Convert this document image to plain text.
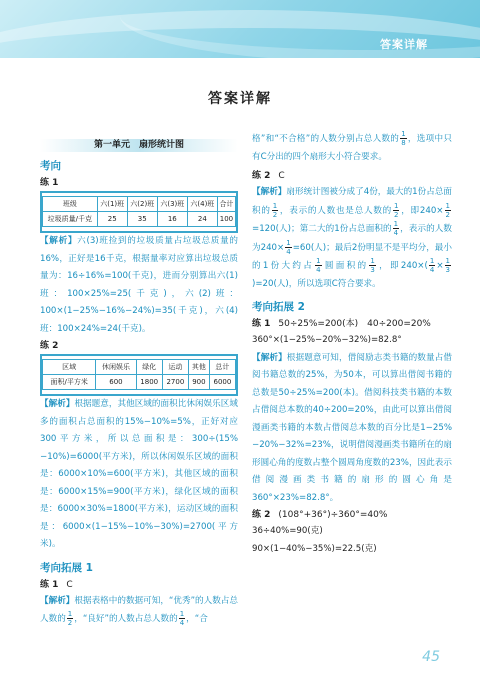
答案详解
答案详解
第一单元　扇形统计图
考向
练 1
班级	六(1)班	六(2)班	六(3)班	六(4)班	合计
垃圾质量/千克	25	35	16	24	100
【解析】六(3)班捡到的垃圾质量占垃圾总质量的16%，正好是16千克，根据量率对应算出垃圾总质量为：16÷16%=100(千克)，进而分别算出六(1)班：100×25%=25(千克)，六(2)班：100×(1−25%−16%−24%)=35(千克)，六(4)班：100×24%=24(千克)。
练 2
区域	休闲娱乐	绿化	运动	其他	总计
面积/平方米	600	1800	2700	900	6000
【解析】根据题意，其他区域的面积比休闲娱乐区域多的面积占总面积的15%−10%=5%，正好对应300平方米，所以总面积是：300÷(15%−10%)=6000(平方米)，所以休闲娱乐区域的面积是：6000×10%=600(平方米)，其他区域的面积是：6000×15%=900(平方米)，绿化区域的面积是：6000×30%=1800(平方米)，运动区域的面积是：6000×(1−15%−10%−30%)=2700(平方米)。
考向拓展 1
练 1 C
【解析】根据表格中的数据可知，“优秀”的人数占总人数的 $\frac{1}{2}$ ，“良好”的人数占总人数的 $\frac{1}{4}$ ，“合
格”和“不合格”的人数分别占总人数的 $\frac{1}{8}$ ，选项中只有C分出的四个扇形大小符合要求。
练 2 C
【解析】扇形统计图被分成了4份，最大的1份占总面积的 $\frac{1}{2}$ ，表示的人数也是总人数的 $\frac{1}{2}$ ，即$240\times \frac{1}{2}$
=120(人)；第二大的1份占总面积的 $\frac{1}{4}$ ，表示的人数为$240\times \frac{1}{4} =60$(人)；最后2份明显不是平均分，最小的1份大约占 $\frac{1}{4}$ 圆面积的 $\frac{1}{3}$ ，即$240\times( \frac{1}{4} \times \frac{1}{3}$
)=20(人)，所以选项C符合要求。
考向拓展 2
练 1 50÷25%=200(本)　40÷200=20%
360°×(1−25%−20%−32%)=82.8°
【解析】根据题意可知，借阅励志类书籍的数量占借阅书籍总数的25%，为50本，可以算出借阅书籍的总数是50÷25%=200(本)。借阅科技类书籍的本数占借阅总本数的40÷200=20%，由此可以算出借阅漫画类书籍的本数占借阅总本数的百分比是1−25%−20%−32%=23%，说明借阅漫画类书籍所在的扇形圆心角的度数占整个圆周角度数的23%，因此表示借阅漫画类书籍的扇形的圆心角是360°×23%=82.8°。
练 2 (108°+36°)÷360°=40%
36÷40%=90(克)
90×(1−40%−35%)=22.5(克)
45
